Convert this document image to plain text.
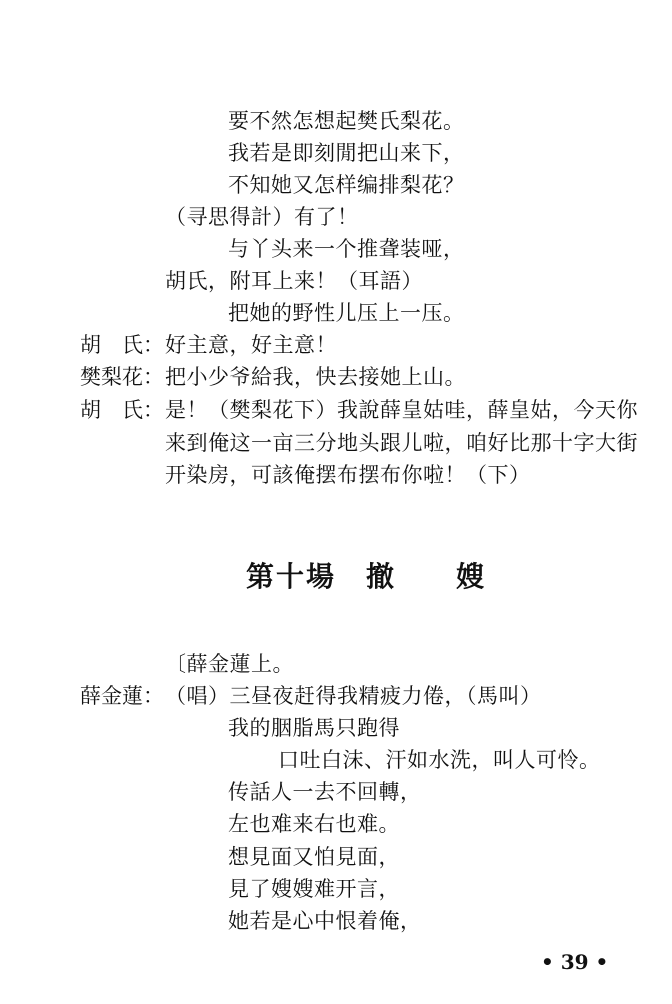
要不然怎想起樊氏梨花。
我若是即刻閒把山来下，
不知她又怎样编排梨花？
（寻思得計）有了！
与丫头来一个推聋装哑，
胡氏，附耳上来！（耳語）
把她的野性儿压上一压。
胡　氏： 好主意，好主意！
樊梨花： 把小少爷給我，快去接她上山。
胡　氏： 是！（樊梨花下）我說薛皇姑哇，薛皇姑，今天你
来到俺这一亩三分地头跟儿啦，咱好比那十字大街
开染房，可該俺摆布摆布你啦！（下）
第十場　撤　　嫂
〔薛金蓮上。
薛金蓮： （唱）三昼夜赶得我精疲力倦，（馬叫）
我的胭脂馬只跑得
口吐白沫、汗如水洗，叫人可怜。
传話人一去不回轉，
左也难来右也难。
想見面又怕見面，
見了嫂嫂难开言，
她若是心中恨着俺，
• 39 •
